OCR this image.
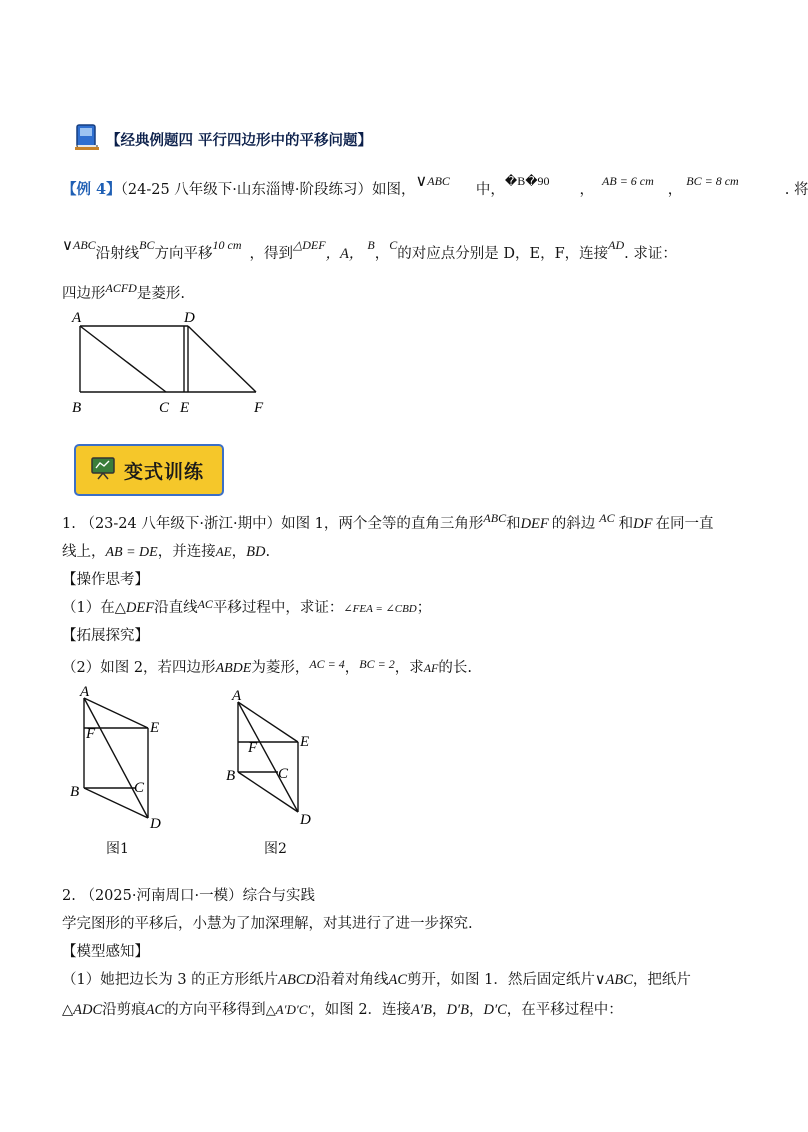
【经典例题四 平行四边形中的平移问题】
【例 4】（24-25 八年级下·山东淄博·阶段练习）如图，∨$^{ABC}$中，$^{�B�90}$，$^{AB = 6 cm}$，$^{BC = 8 cm}$. 将
∨$^{ABC}$沿射线$^{BC}$方向平移$^{10 cm}$，得到$^{\triangle DEF}$，A，$^B$，$^C$的对应点分别是 D，E，F，连接$^{AD}$. 求证：
四边形$^{ACFD}$是菱形.
A	D
B	C E	F
变式训练
1. （23-24 八年级下·浙江·期中）如图 1，两个全等的直角三角形$^{ABC}$和DEF 的斜边 $^{AC}$ 和DF 在同一直
线上，AB = DE，并连接AE，BD.
【操作思考】
（1）在△DEF沿直线$^{AC}$平移过程中，求证：∠FEA = ∠CBD；
【拓展探究】
（2）如图 2，若四边形ABDE为菱形，$^{AC = 4}$，$^{BC = 2}$，求AF的长.
A
F	E
B	C
D
图1
A
F	E
C
B
D
图2
2. （2025·河南周口·一模）综合与实践
学完图形的平移后，小慧为了加深理解，对其进行了进一步探究.
【模型感知】
（1）她把边长为 3 的正方形纸片ABCD沿着对角线AC剪开，如图 1．然后固定纸片∨ABC，把纸片
△ADC沿剪痕AC的方向平移得到△A′D′C′，如图 2．连接A′B，D′B，D′C，在平移过程中：
